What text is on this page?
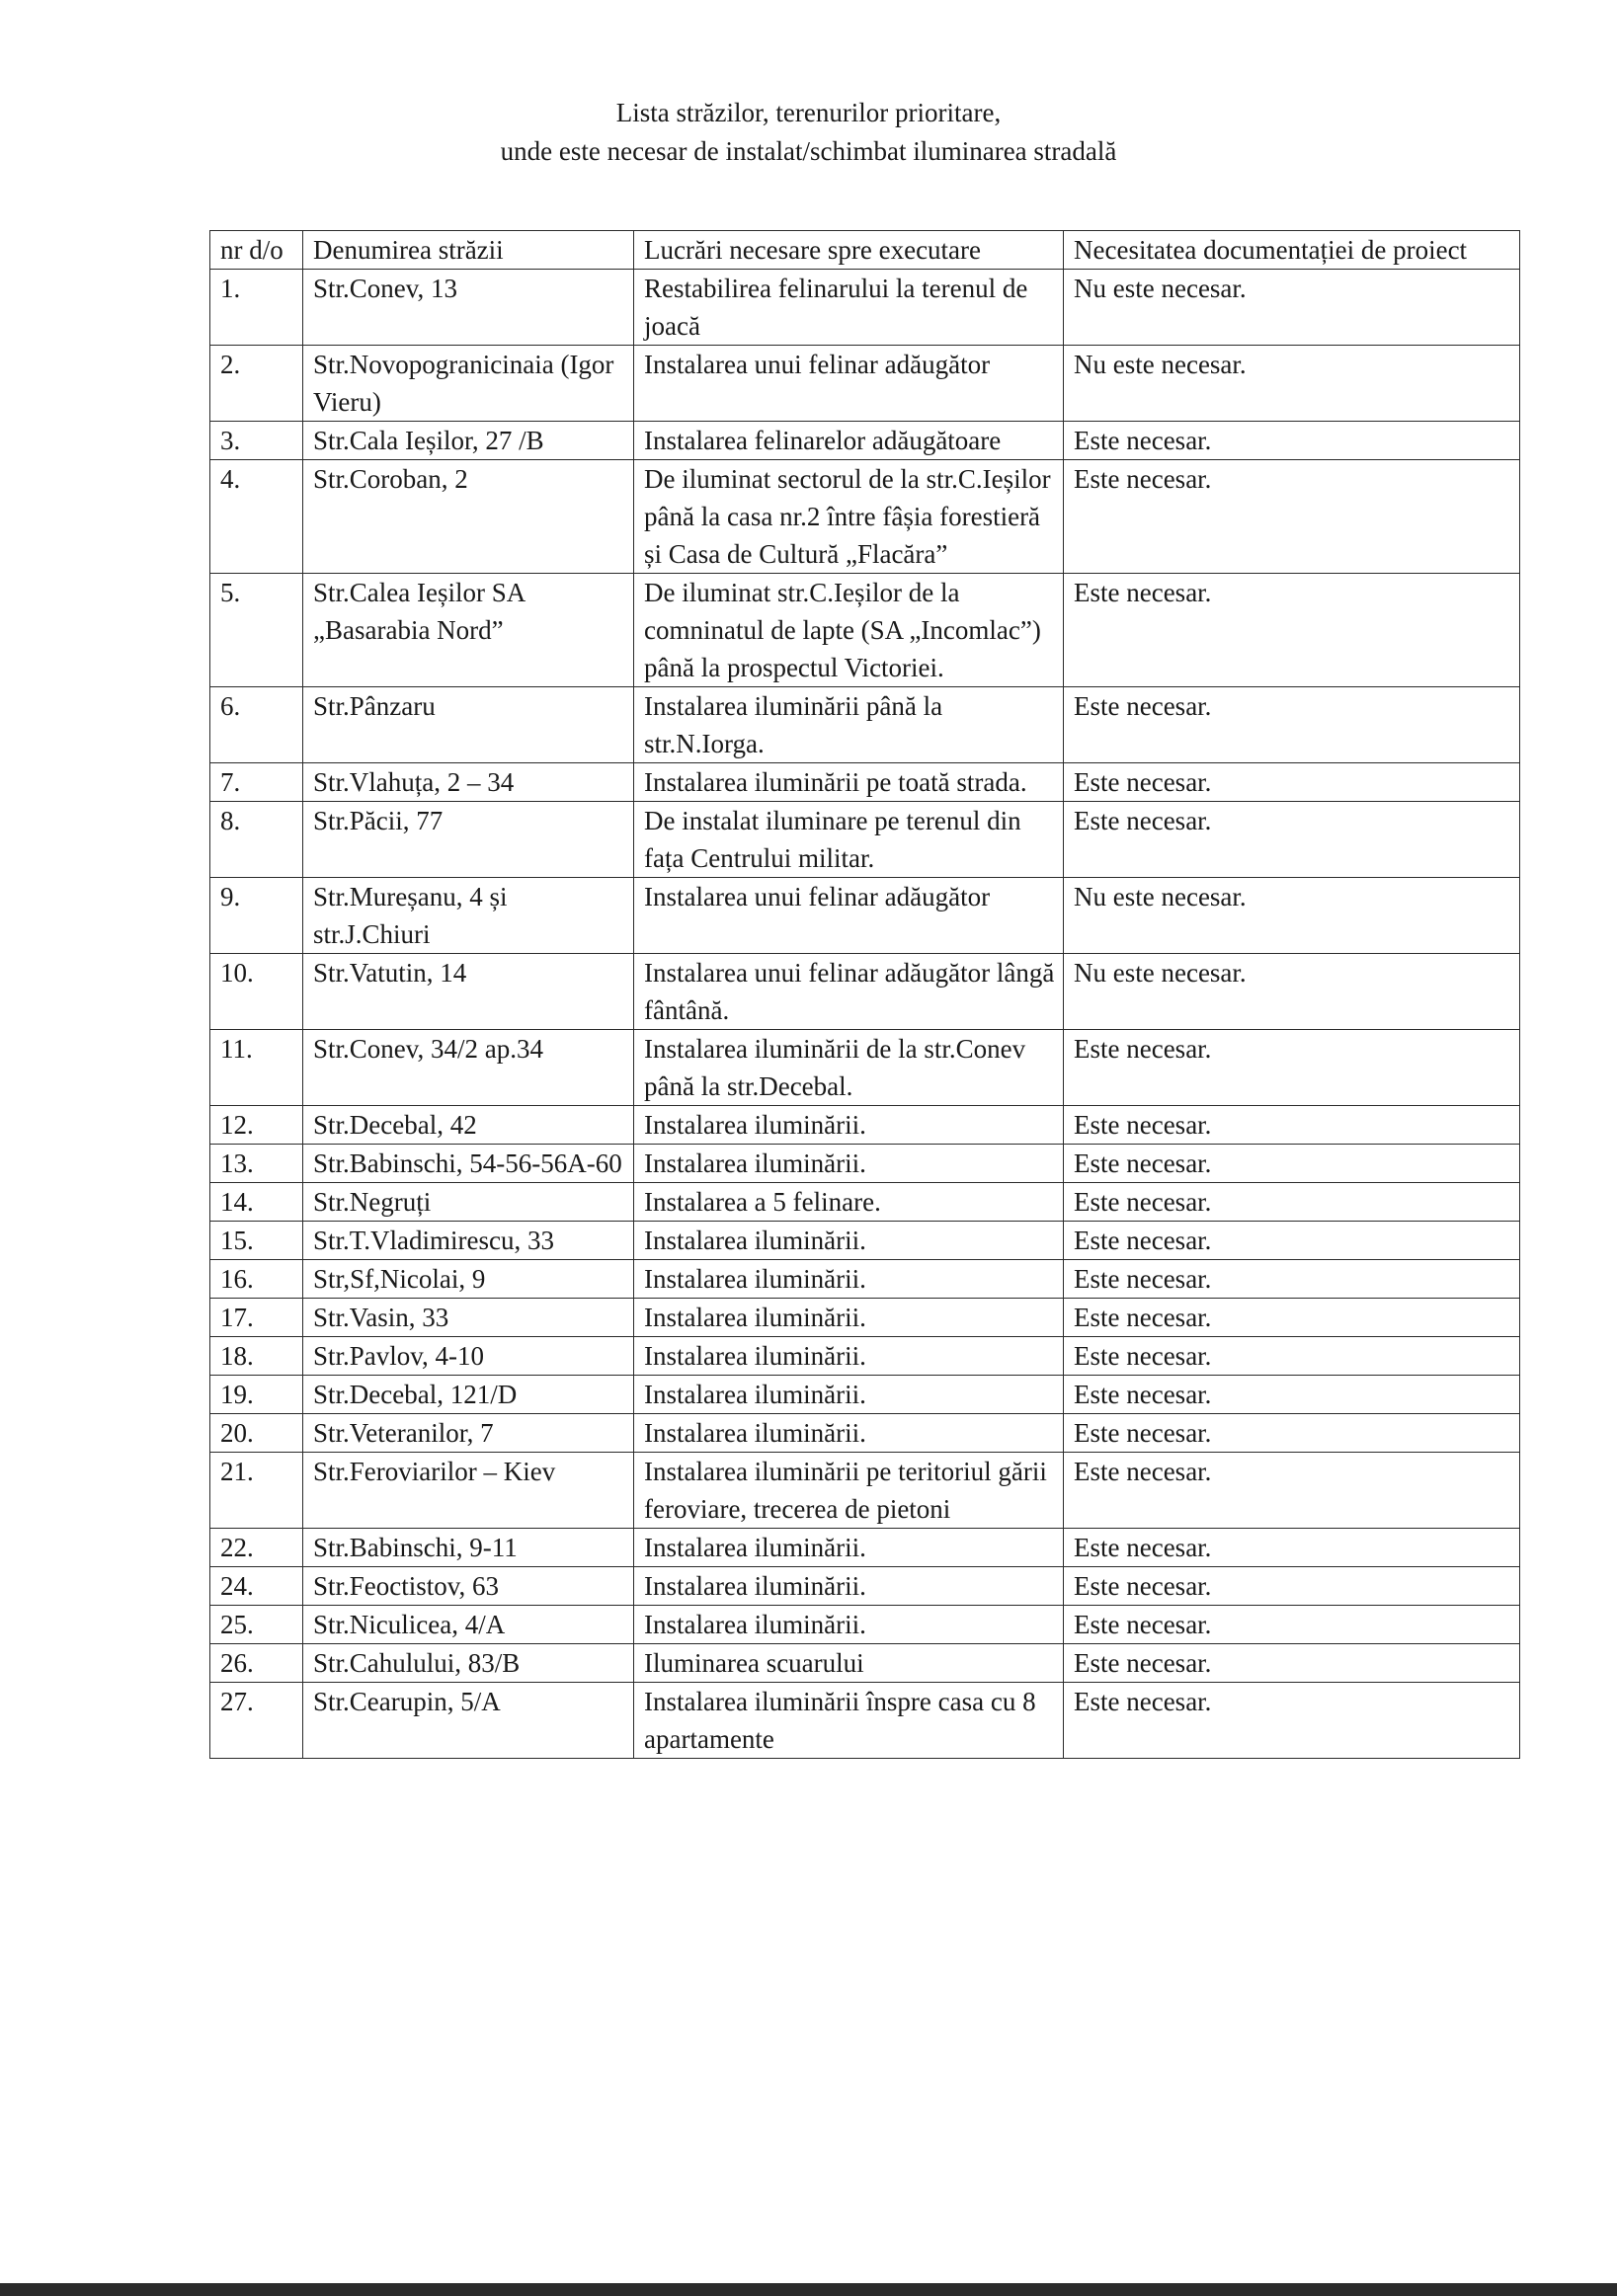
Lista străzilor, terenurilor prioritare,
unde este necesar de instalat/schimbat iluminarea stradală
nr d/o	Denumirea străzii	Lucrări necesare spre executare	Necesitatea documentației de proiect
1.	Str.Conev, 13	Restabilirea felinarului la terenul de joacă	Nu este necesar.
2.	Str.Novopogranicinaia (Igor Vieru)	Instalarea unui felinar adăugător	Nu este necesar.
3.	Str.Cala Ieșilor, 27 /B	Instalarea felinarelor adăugătoare	Este necesar.
4.	Str.Coroban, 2	De iluminat sectorul de la str.C.Ieșilor până la casa nr.2 între fâșia forestieră și Casa de Cultură „Flacăra”	Este necesar.
5.	Str.Calea Ieșilor SA „Basarabia Nord”	De iluminat str.C.Ieșilor de la comninatul de lapte (SA „Incomlac”) până la prospectul Victoriei.	Este necesar.
6.	Str.Pânzaru	Instalarea iluminării până la str.N.Iorga.	Este necesar.
7.	Str.Vlahuța, 2 – 34	Instalarea iluminării pe toată strada.	Este necesar.
8.	Str.Păcii, 77	De instalat iluminare pe terenul din fața Centrului militar.	Este necesar.
9.	Str.Mureșanu, 4 și str.J.Chiuri	Instalarea unui felinar adăugător	Nu este necesar.
10.	Str.Vatutin, 14	Instalarea unui felinar adăugător lângă fântână.	Nu este necesar.
11.	Str.Conev, 34/2 ap.34	Instalarea iluminării de la str.Conev până la str.Decebal.	Este necesar.
12.	Str.Decebal, 42	Instalarea iluminării.	Este necesar.
13.	Str.Babinschi, 54-56-56A-60	Instalarea iluminării.	Este necesar.
14.	Str.Negruți	Instalarea a 5 felinare.	Este necesar.
15.	Str.T.Vladimirescu, 33	Instalarea iluminării.	Este necesar.
16.	Str,Sf,Nicolai, 9	Instalarea iluminării.	Este necesar.
17.	Str.Vasin, 33	Instalarea iluminării.	Este necesar.
18.	Str.Pavlov, 4-10	Instalarea iluminării.	Este necesar.
19.	Str.Decebal, 121/D	Instalarea iluminării.	Este necesar.
20.	Str.Veteranilor, 7	Instalarea iluminării.	Este necesar.
21.	Str.Feroviarilor – Kiev	Instalarea iluminării pe teritoriul gării feroviare, trecerea de pietoni	Este necesar.
22.	Str.Babinschi, 9-11	Instalarea iluminării.	Este necesar.
24.	Str.Feoctistov, 63	Instalarea iluminării.	Este necesar.
25.	Str.Niculicea, 4/A	Instalarea iluminării.	Este necesar.
26.	Str.Cahulului, 83/B	Iluminarea scuarului	Este necesar.
27.	Str.Cearupin, 5/A	Instalarea iluminării înspre casa cu 8 apartamente	Este necesar.
